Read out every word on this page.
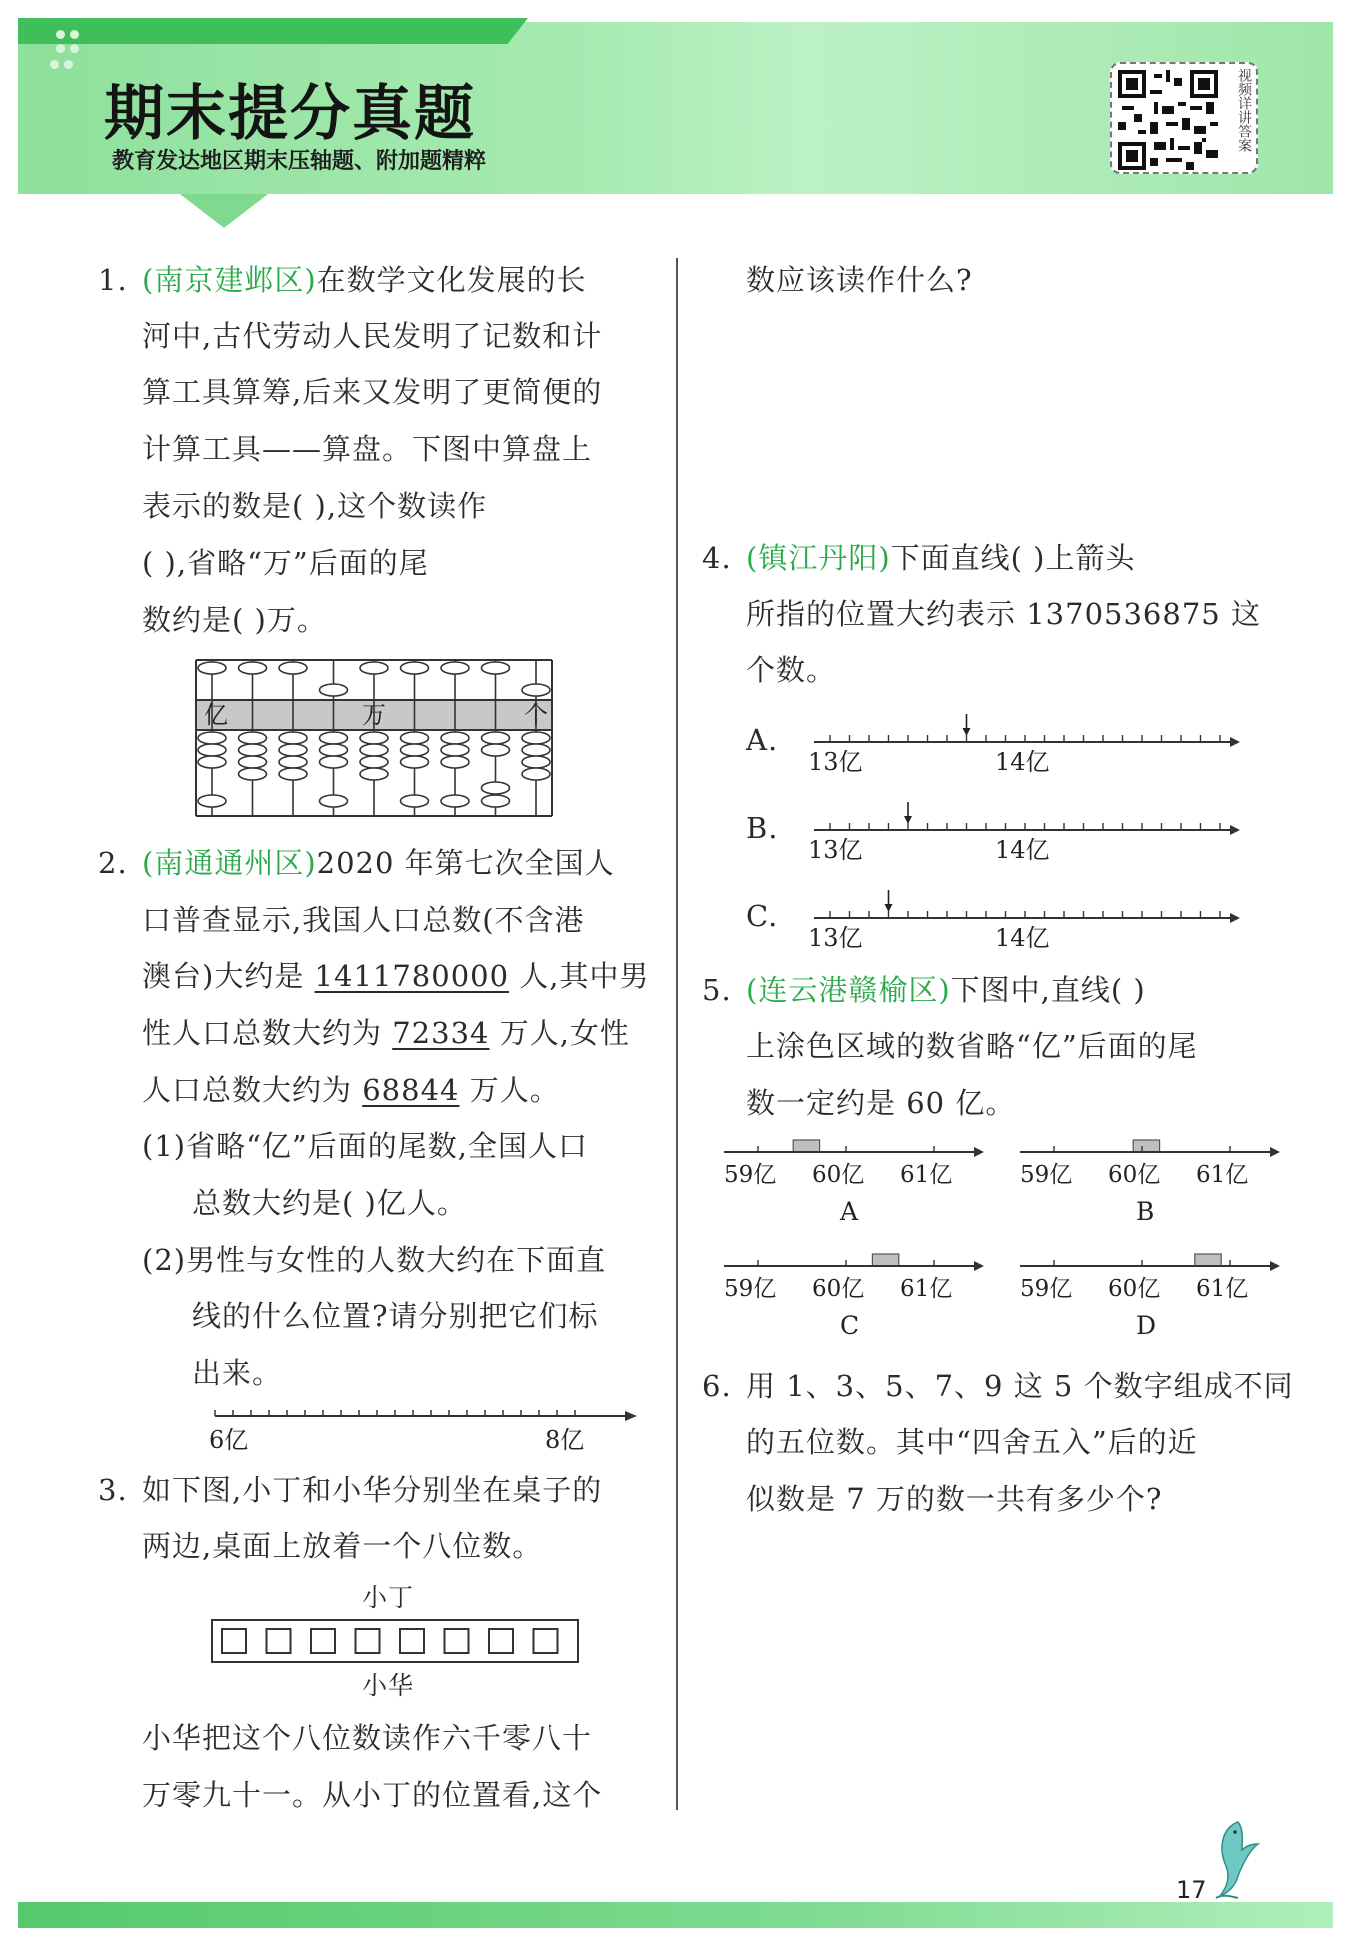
期末提分真题
教育发达地区期末压轴题、附加题精粹
视频详讲答案
1. (南京建邺区)在数学文化发展的长
河中,古代劳动人民发明了记数和计
算工具算筹,后来又发明了更简便的
计算工具——算盘。下图中算盘上
表示的数是( ),这个数读作
( ),省略“万”后面的尾
数约是( )万。
亿	万	个
2. (南通通州区)2020 年第七次全国人
口普查显示,我国人口总数(不含港
澳台)大约是 1411780000 人,其中男
性人口总数大约为 72334 万人,女性
人口总数大约为 68844 万人。
(1)省略“亿”后面的尾数,全国人口
总数大约是( )亿人。
(2)男性与女性的人数大约在下面直
线的什么位置?请分别把它们标
出来。
6亿	8亿
3. 如下图,小丁和小华分别坐在桌子的
两边,桌面上放着一个八位数。
小丁
小华
小华把这个八位数读作六千零八十
万零九十一。从小丁的位置看,这个
数应该读作什么?
4. (镇江丹阳)下面直线( )上箭头
所指的位置大约表示 1370536875 这
个数。
A.
13亿	14亿
B.
13亿	14亿
C.
13亿	14亿
5. (连云港赣榆区)下图中,直线( )
上涂色区域的数省略“亿”后面的尾
数一定约是 60 亿。
59亿 60亿 61亿
A
59亿 60亿 61亿
B
59亿 60亿 61亿
C
59亿 60亿 61亿
D
6. 用 1、3、5、7、9 这 5 个数字组成不同
的五位数。其中“四舍五入”后的近
似数是 7 万的数一共有多少个?
17
